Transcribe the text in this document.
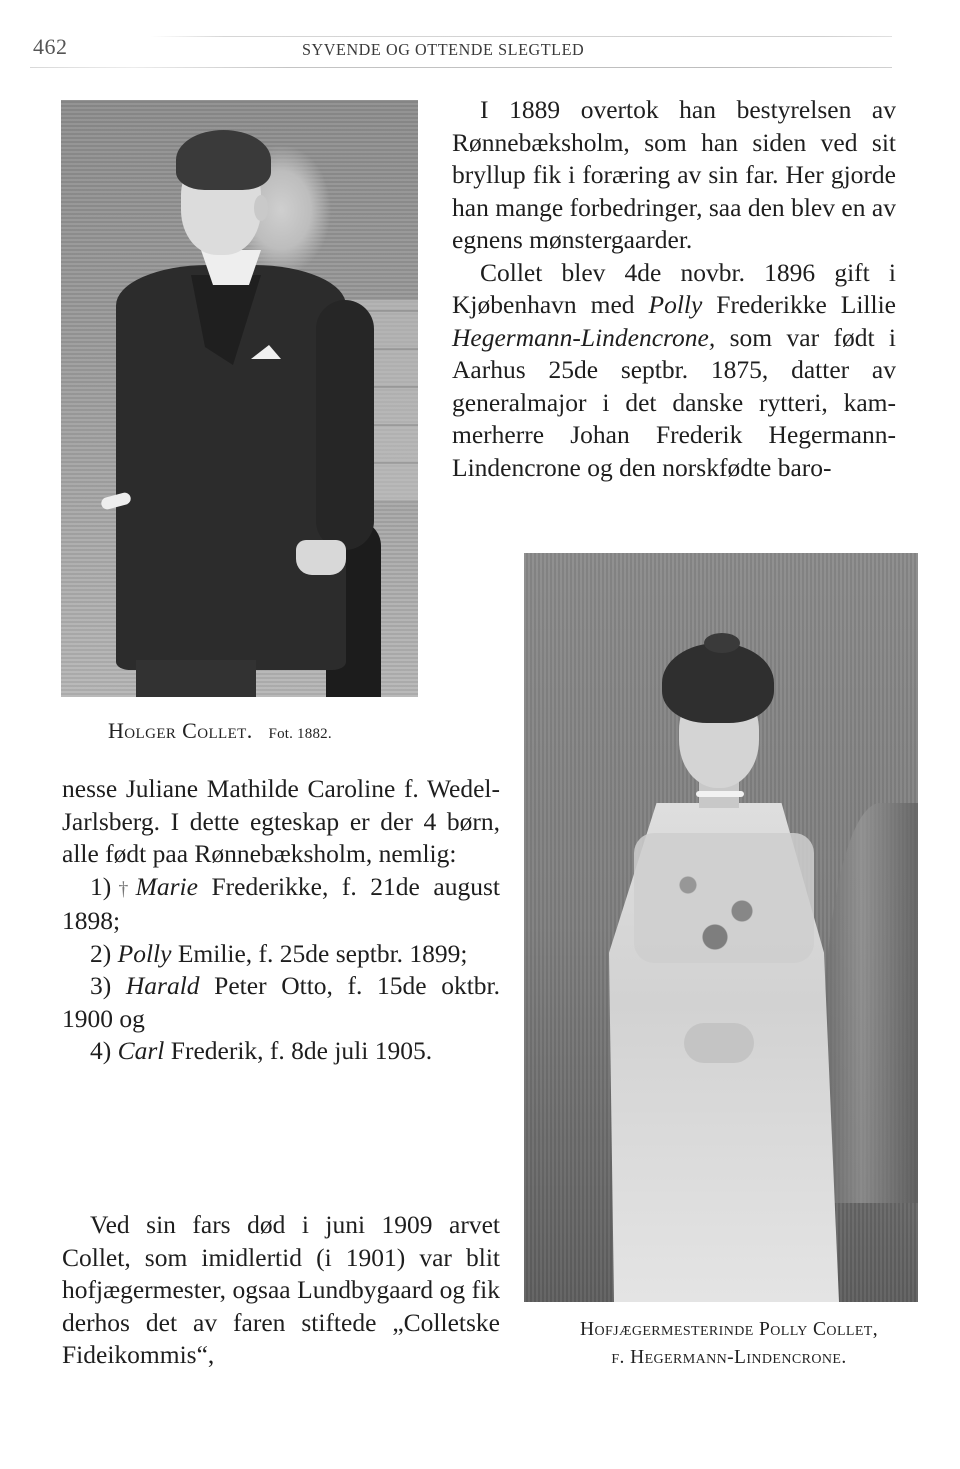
462	SYVENDE OG OTTENDE SLEGTLED
Holger Collet. Fot. 1882.

I 1889 overtok han bestyrelsen av Rønnebæksholm, som han siden ved sit bryllup fik i foræring av sin far. Her gjorde han mange forbedringer, saa den blev en av egnens mønstergaarder.

Collet blev 4de novbr. 1896 gift i Kjøbenhavn med Polly Frederikke Lillie Hegermann-Lindencrone, som var født i Aarhus 25de septbr. 1875, datter av generalmajor i det danske rytteri, kammerherre Johan Frederik Hegermann-Lindencrone og den norskfødte baro-

nesse Juliane Mathilde Caroline f. Wedel-Jarlsberg. I dette egteskap er der 4 børn, alle født paa Rønnebæksholm, nemlig:

1)†Marie Frederikke, f. 21de august 1898;

2) Polly Emilie, f. 25de septbr. 1899;

3) Harald Peter Otto, f. 15de oktbr. 1900 og

4) Carl Frederik, f. 8de juli 1905.

Ved sin fars død i juni 1909 arvet Collet, som imidlertid (i 1901) var blit hofjægermester, ogsaa Lundbygaard og fik derhos det av faren stiftede „Colletske Fideikommis“,

Hofjægermesterinde Polly Collet,
f. Hegermann-Lindencrone.
